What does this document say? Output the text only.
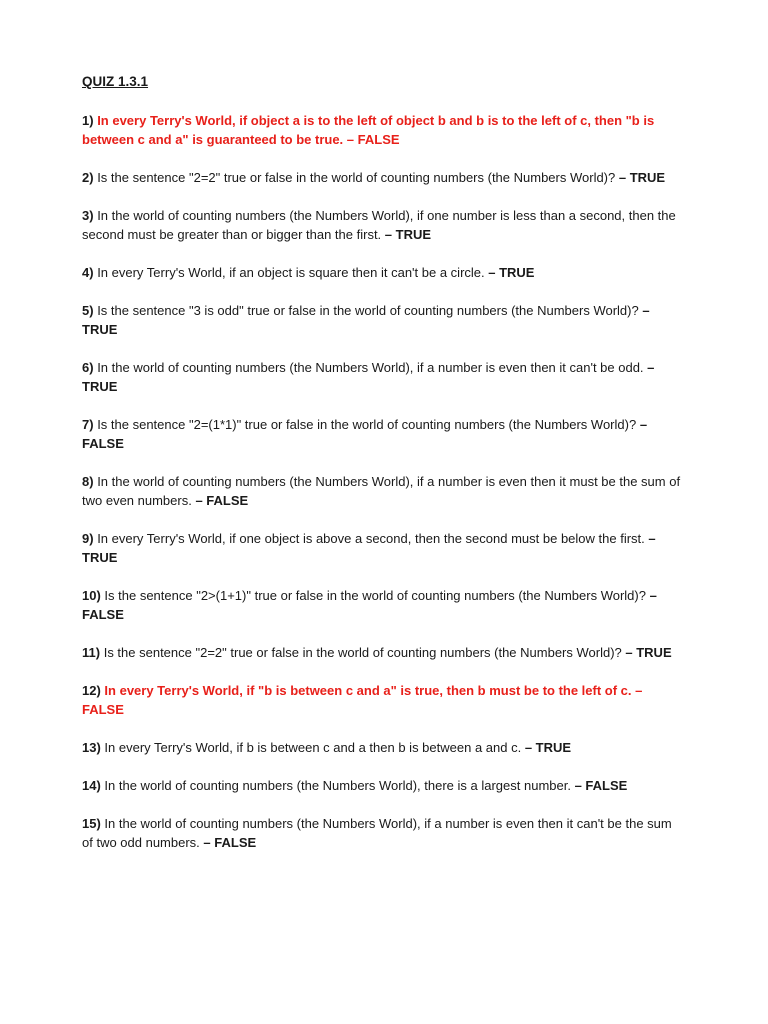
QUIZ 1.3.1
1) In every Terry's World, if object a is to the left of object b and b is to the left of c, then "b is between c and a" is guaranteed to be true. – FALSE
2) Is the sentence "2=2" true or false in the world of counting numbers (the Numbers World)? – TRUE
3) In the world of counting numbers (the Numbers World), if one number is less than a second, then the second must be greater than or bigger than the first. – TRUE
4) In every Terry's World, if an object is square then it can't be a circle. – TRUE
5) Is the sentence "3 is odd" true or false in the world of counting numbers (the Numbers World)? – TRUE
6) In the world of counting numbers (the Numbers World), if a number is even then it can't be odd. – TRUE
7) Is the sentence "2=(1*1)" true or false in the world of counting numbers (the Numbers World)? – FALSE
8) In the world of counting numbers (the Numbers World), if a number is even then it must be the sum of two even numbers. – FALSE
9) In every Terry's World, if one object is above a second, then the second must be below the first. – TRUE
10) Is the sentence "2>(1+1)" true or false in the world of counting numbers (the Numbers World)? – FALSE
11) Is the sentence "2=2" true or false in the world of counting numbers (the Numbers World)? – TRUE
12) In every Terry's World, if "b is between c and a" is true, then b must be to the left of c. – FALSE
13) In every Terry's World, if b is between c and a then b is between a and c. – TRUE
14) In the world of counting numbers (the Numbers World), there is a largest number. – FALSE
15) In the world of counting numbers (the Numbers World), if a number is even then it can't be the sum of two odd numbers. – FALSE
